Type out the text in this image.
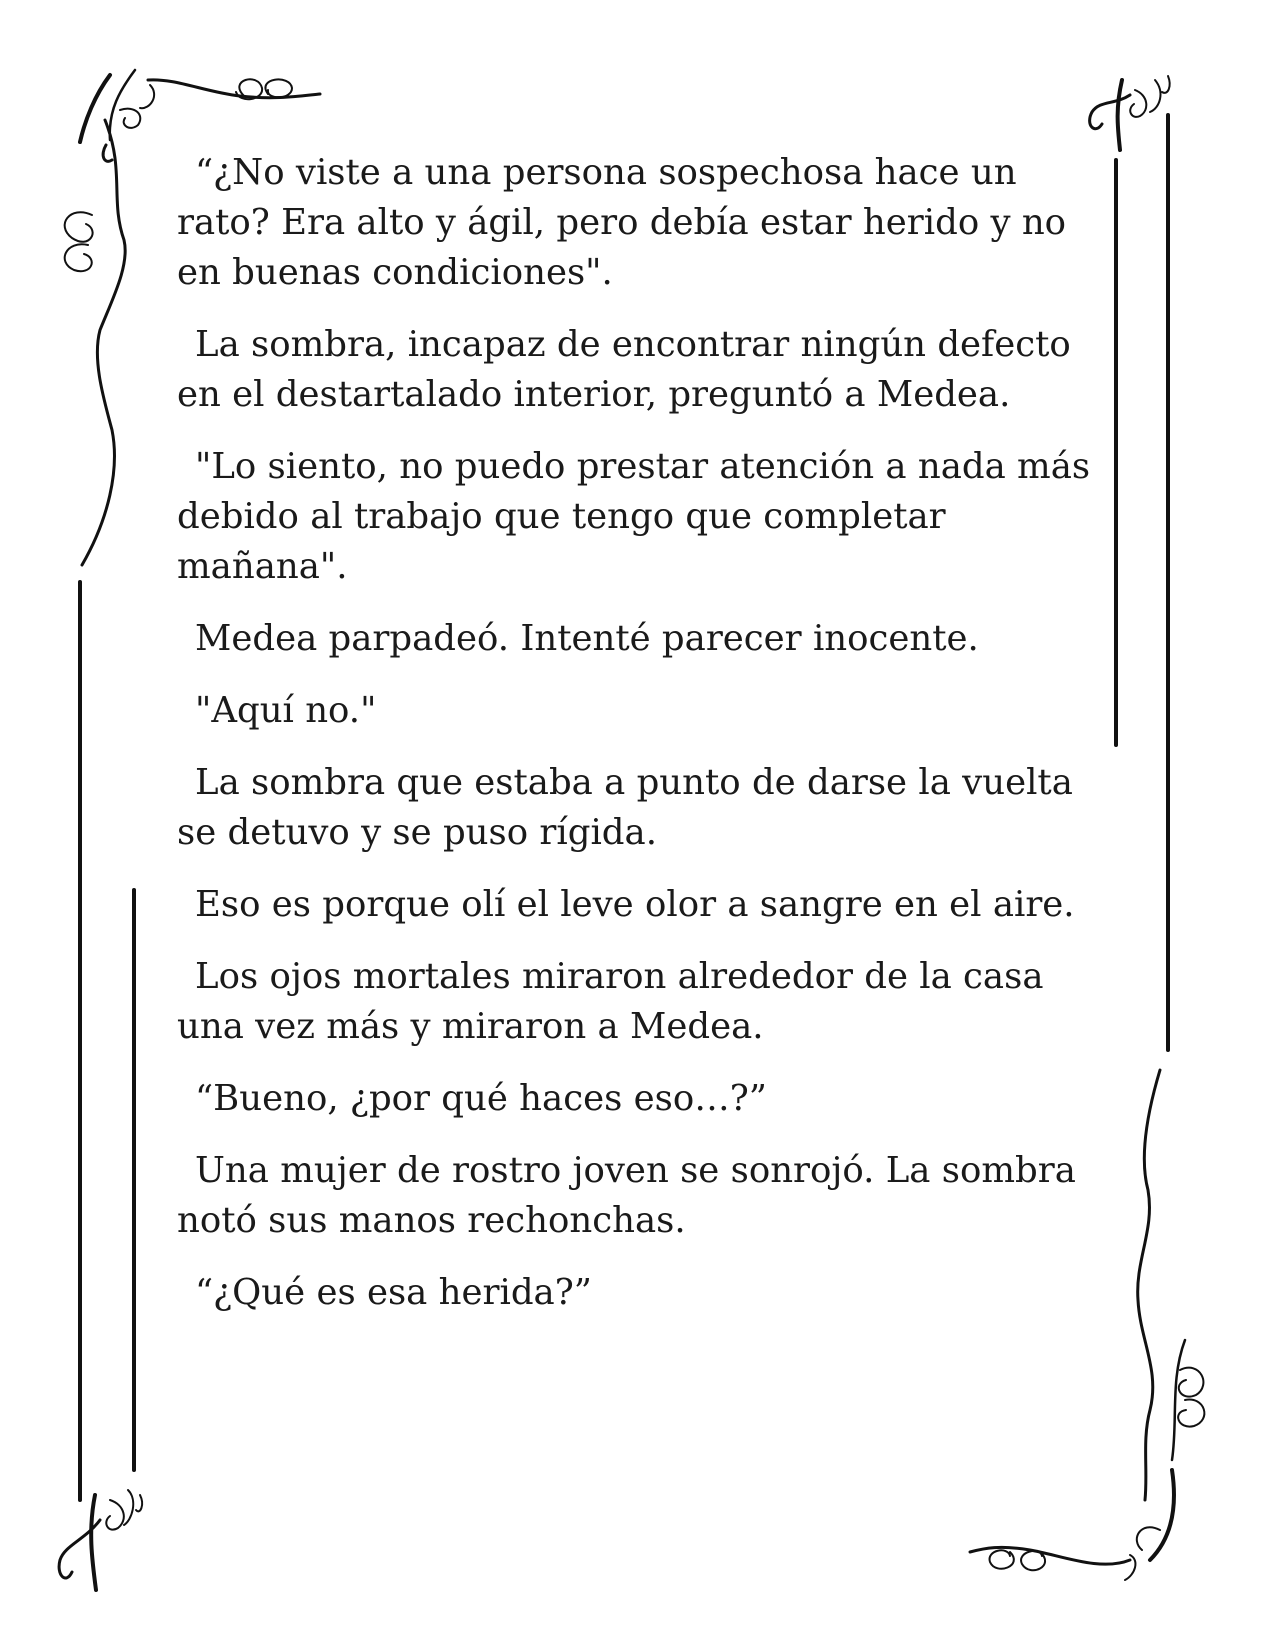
“¿No viste a una persona sospechosa hace un rato? Era alto y ágil, pero debía estar herido y no en buenas condiciones".

La sombra, incapaz de encontrar ningún defecto en el destartalado interior, preguntó a Medea.

"Lo siento, no puedo prestar atención a nada más debido al trabajo que tengo que completar mañana".

Medea parpadeó. Intenté parecer inocente.

"Aquí no."

La sombra que estaba a punto de darse la vuelta se detuvo y se puso rígida.

Eso es porque olí el leve olor a sangre en el aire.

Los ojos mortales miraron alrededor de la casa una vez más y miraron a Medea.

“Bueno, ¿por qué haces eso…?”

Una mujer de rostro joven se sonrojó. La sombra notó sus manos rechonchas.

“¿Qué es esa herida?”
